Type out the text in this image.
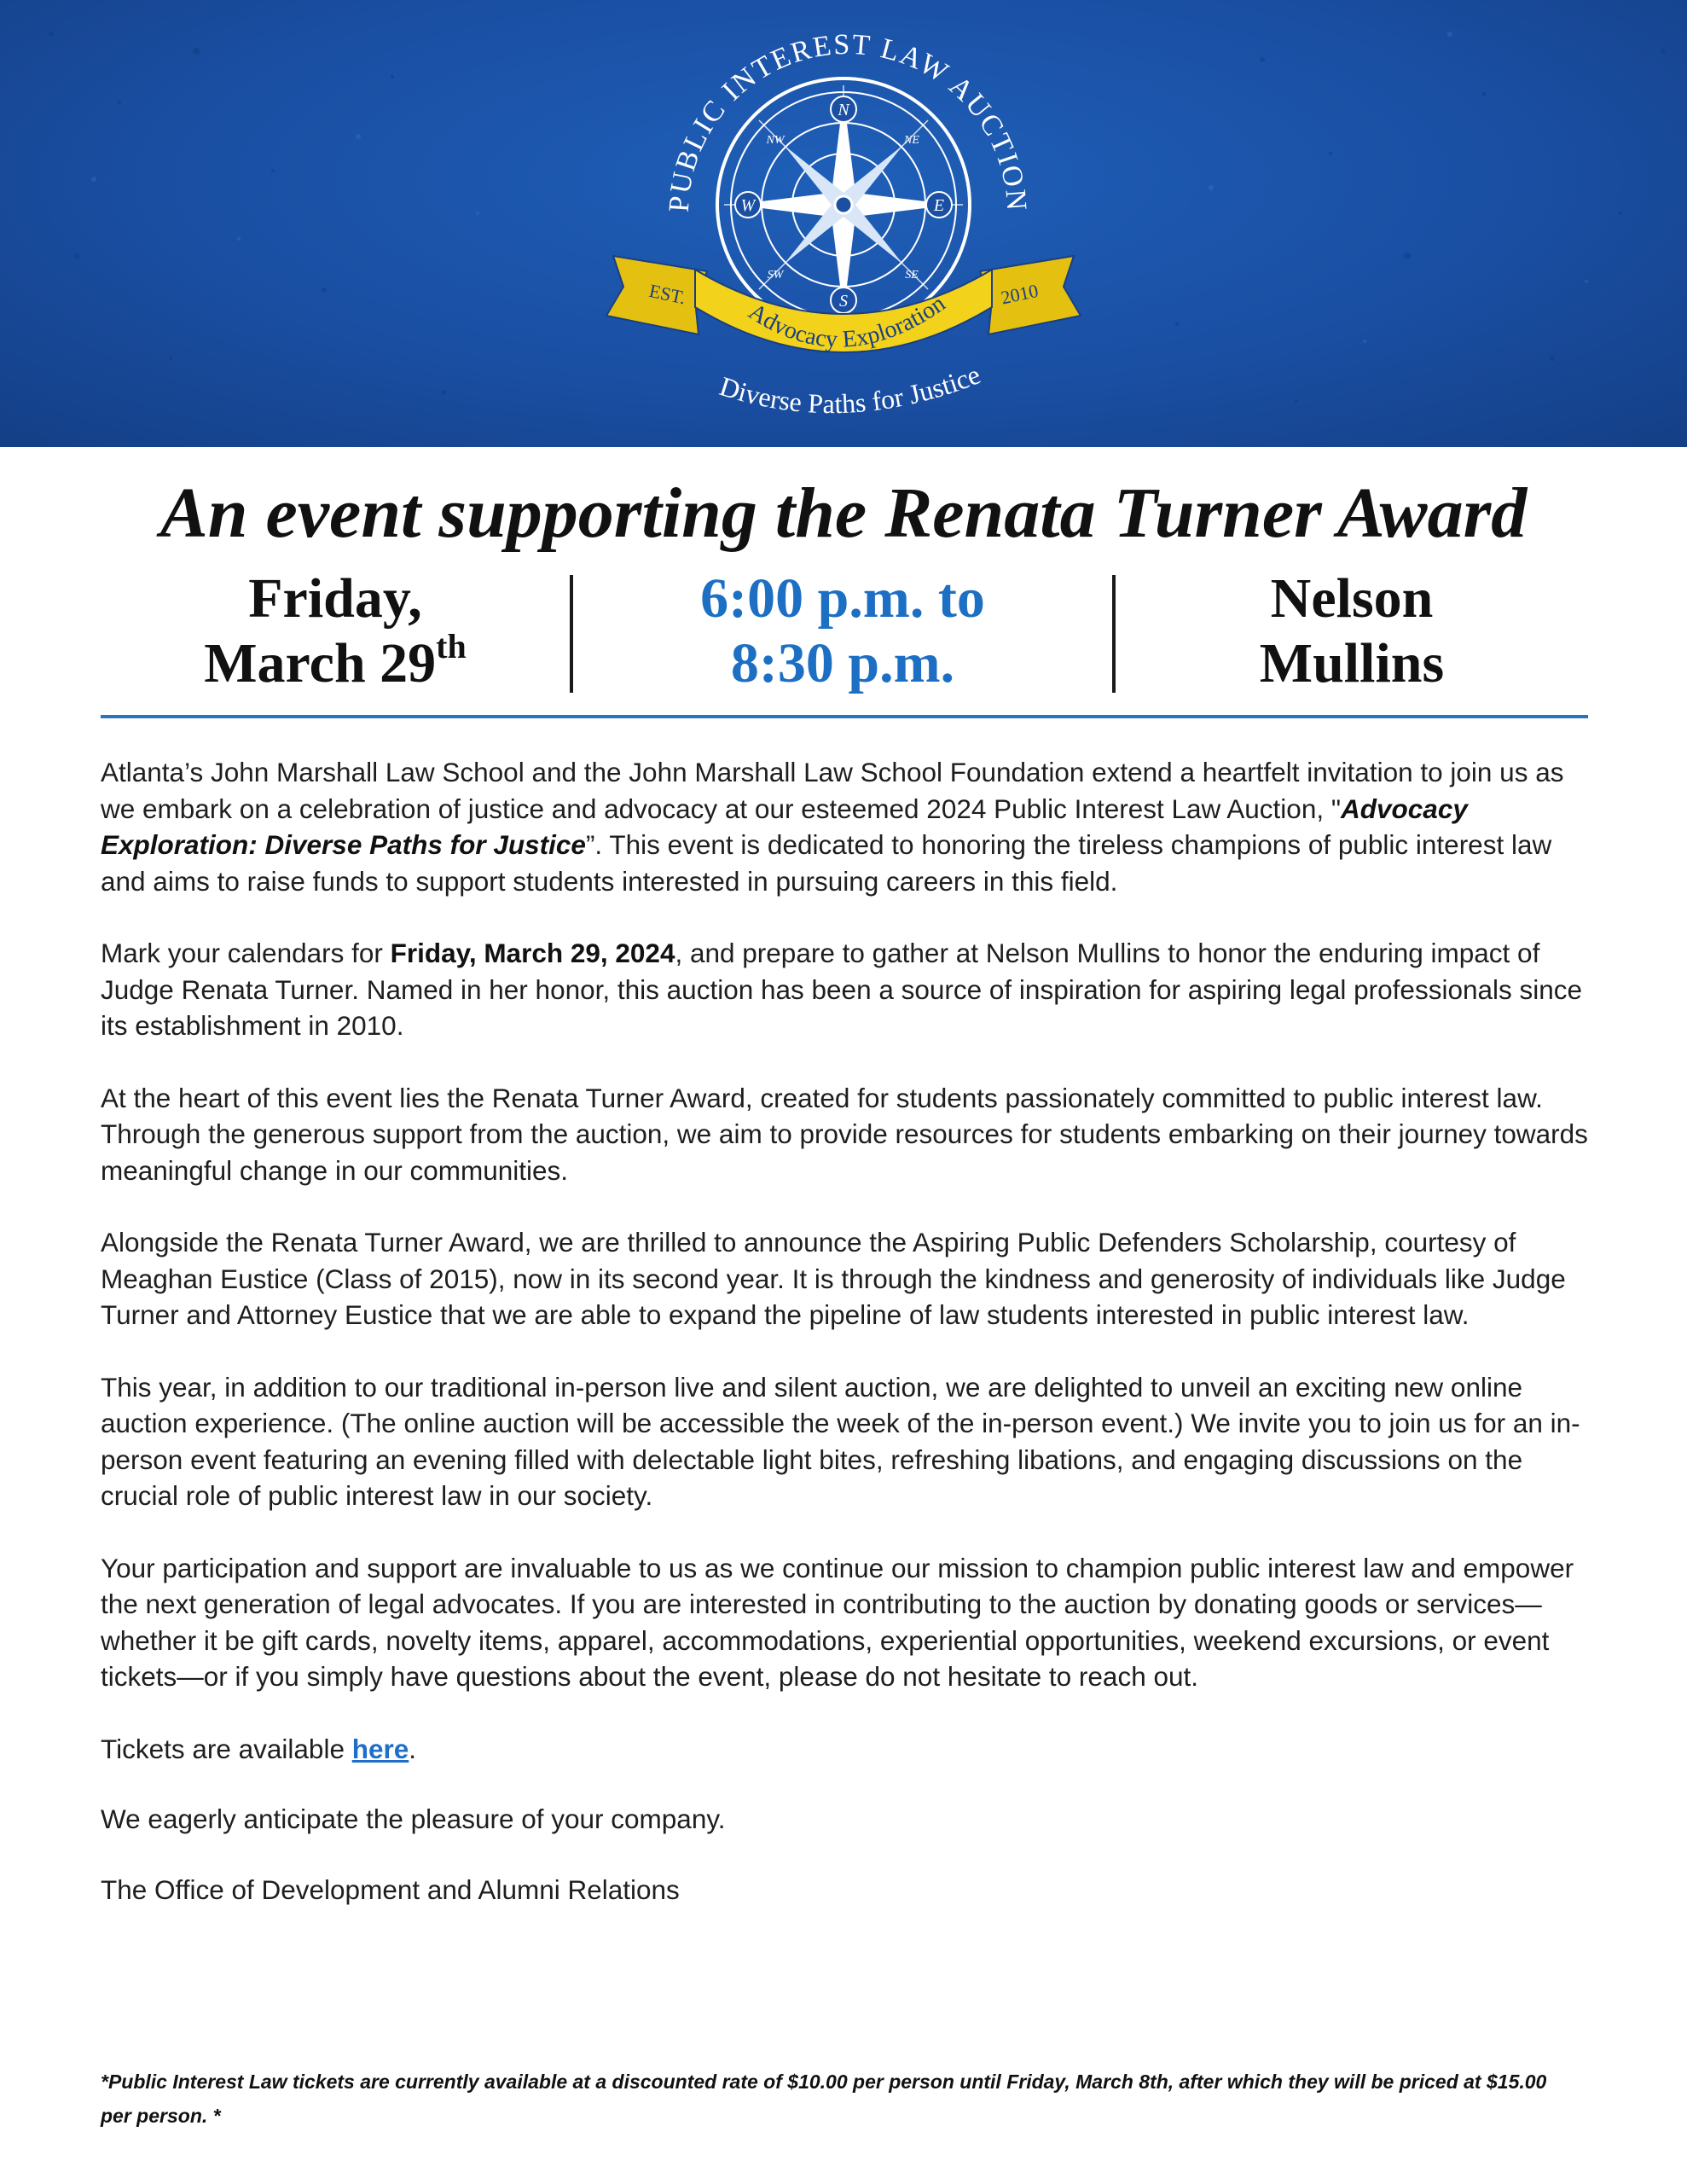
PUBLIC INTEREST LAW AUCTION
N
S
E
W
NE
NW
SE
SW
EST.	2010
Advocacy Exploration
Diverse Paths for Justice
An event supporting the Renata Turner Award
Friday,
March 29th
6:00 p.m. to
8:30 p.m.
Nelson
Mullins

Atlanta’s John Marshall Law School and the John Marshall Law School Foundation extend a heartfelt invitation to join us as we embark on a celebration of justice and advocacy at our esteemed 2024 Public Interest Law Auction, "Advocacy Exploration: Diverse Paths for Justice”. This event is dedicated to honoring the tireless champions of public interest law and aims to raise funds to support students interested in pursuing careers in this field.

Mark your calendars for Friday, March 29, 2024, and prepare to gather at Nelson Mullins to honor the enduring impact of Judge Renata Turner. Named in her honor, this auction has been a source of inspiration for aspiring legal professionals since its establishment in 2010.

At the heart of this event lies the Renata Turner Award, created for students passionately committed to public interest law. Through the generous support from the auction, we aim to provide resources for students embarking on their journey towards meaningful change in our communities.

Alongside the Renata Turner Award, we are thrilled to announce the Aspiring Public Defenders Scholarship, courtesy of Meaghan Eustice (Class of 2015), now in its second year. It is through the kindness and generosity of individuals like Judge Turner and Attorney Eustice that we are able to expand the pipeline of law students interested in public interest law.

This year, in addition to our traditional in-person live and silent auction, we are delighted to unveil an exciting new online auction experience. (The online auction will be accessible the week of the in-person event.) We invite you to join us for an in-person event featuring an evening filled with delectable light bites, refreshing libations, and engaging discussions on the crucial role of public interest law in our society.

Your participation and support are invaluable to us as we continue our mission to champion public interest law and empower the next generation of legal advocates. If you are interested in contributing to the auction by donating goods or services—whether it be gift cards, novelty items, apparel, accommodations, experiential opportunities, weekend excursions, or event tickets—or if you simply have questions about the event, please do not hesitate to reach out.

Tickets are available here.

We eagerly anticipate the pleasure of your company.

The Office of Development and Alumni Relations

*Public Interest Law tickets are currently available at a discounted rate of $10.00 per person until Friday, March 8th, after which they will be priced at $15.00 per person. *
